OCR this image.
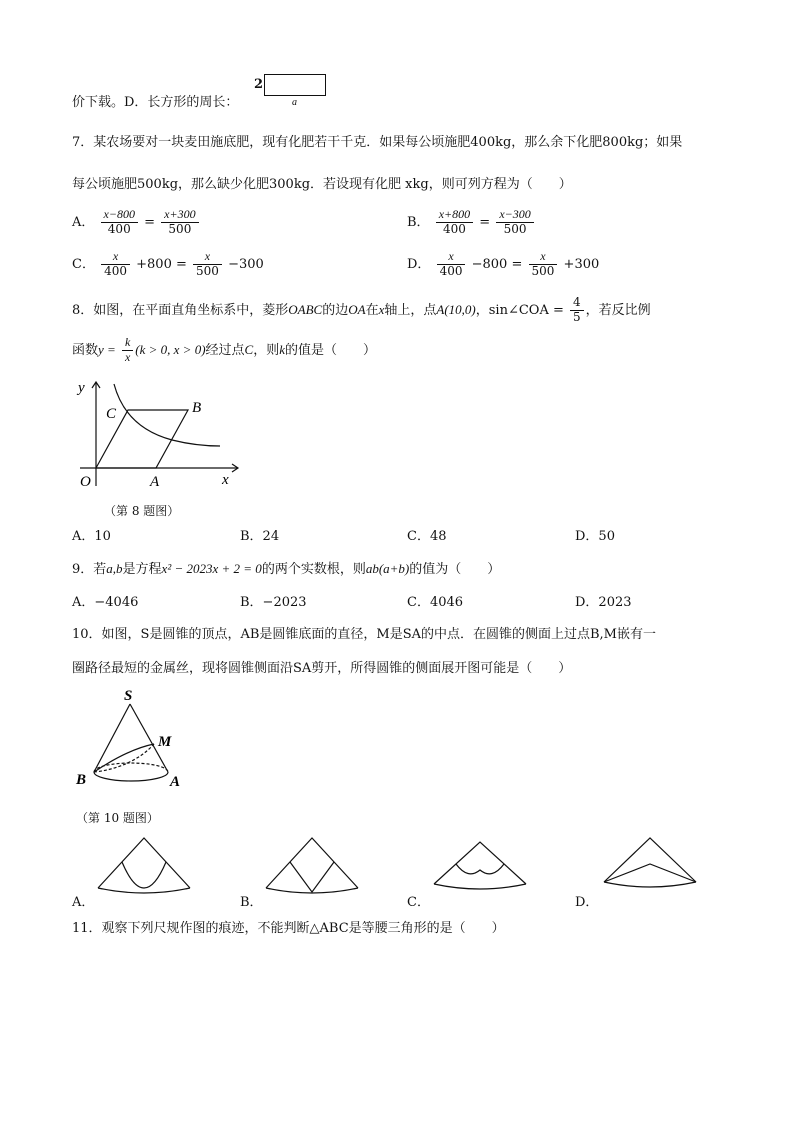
价下载。D．长方形的周长：
2
a
7．某农场要对一块麦田施底肥，现有化肥若干千克．如果每公顷施肥400kg，那么余下化肥800kg；如果
每公顷施肥500kg，那么缺少化肥300kg．若设现有化肥 xkg，则可列方程为（　　）
A． $\frac{x-800}{400} = \frac{x+300}{500}$	B． $\frac{x+800}{400} = \frac{x-300}{500}$
C． $\frac{x}{400} +800 = \frac{x}{500} -300$	D． $\frac{x}{400} -800 = \frac{x}{500} +300$
8．如图，在平面直角坐标系中，菱形OABC的边OA在x轴上，点A(10,0)，sin∠COA = $\frac{4}{5}$ ，若反比例
函数$y = \frac{k}{x} (k > 0$, x > 0)经过点C，则k的值是（　　）
y
x
O	A
B
C
（第 8 题图）
A．10	B．24	C．48	D．50
9．若a,b是方程x² − 2023x + 2 = 0的两个实数根，则ab(a+b)的值为（　　）
A．−4046	B．−2023	C．4046	D．2023
10．如图，S是圆锥的顶点，AB是圆锥底面的直径，M是SA的中点．在圆锥的侧面上过点B,M嵌有一
圈路径最短的金属丝，现将圆锥侧面沿SA剪开，所得圆锥的侧面展开图可能是（　　）
S
M
B	A
（第 10 题图）
A．	B．	C．	D．
11．观察下列尺规作图的痕迹，不能判断△ABC是等腰三角形的是（　　）
